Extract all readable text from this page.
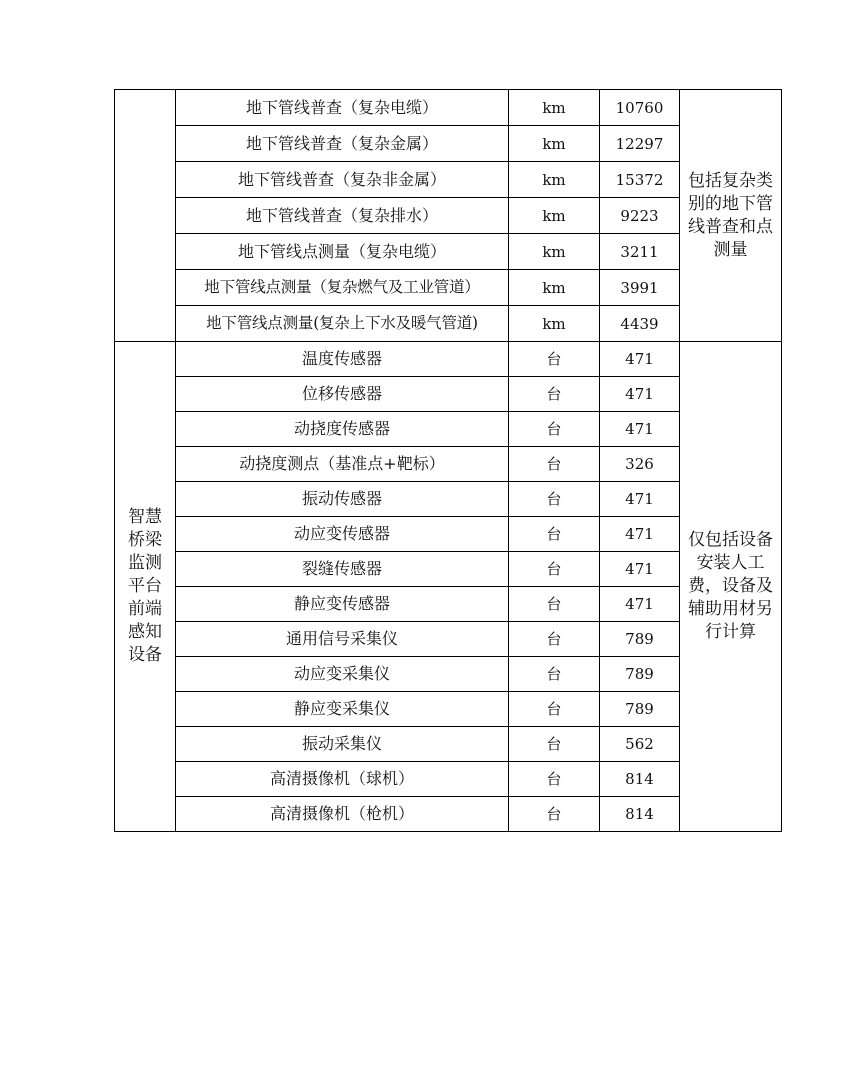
	地下管线普查（复杂电缆）	km	10760	包括复杂类别的地下管线普查和点测量
	地下管线普查（复杂金属）	km	12297	
	地下管线普查（复杂非金属）	km	15372	
	地下管线普查（复杂排水）	km	9223	
	地下管线点测量（复杂电缆）	km	3211	
	地下管线点测量（复杂燃气及工业管道）	km	3991	
	地下管线点测量(复杂上下水及暖气管道)	km	4439	

智慧桥梁监测平台前端感知设备	温度传感器	台	471	仅包括设备安装人工费，设备及辅助用材另行计算
	位移传感器	台	471	
	动挠度传感器	台	471	
	动挠度测点（基准点+靶标）	台	326	
	振动传感器	台	471	
	动应变传感器	台	471	
	裂缝传感器	台	471	
	静应变传感器	台	471	
	通用信号采集仪	台	789	
	动应变采集仪	台	789	
	静应变采集仪	台	789	
	振动采集仪	台	562	
	高清摄像机（球机）	台	814	
	高清摄像机（枪机）	台	814	
